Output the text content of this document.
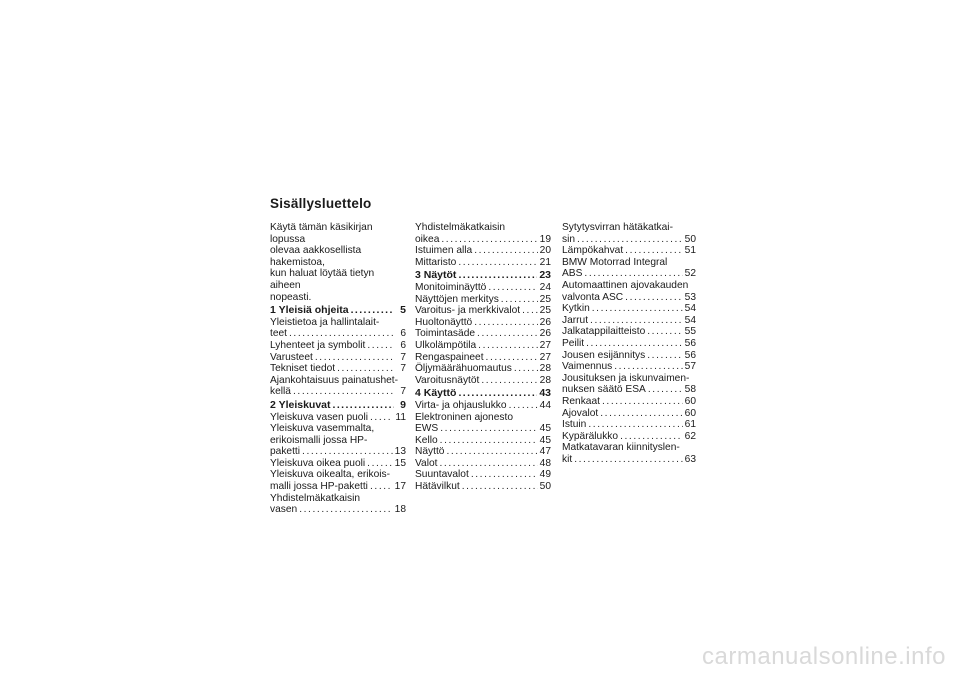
Sisällysluettelo
Käytä tämän käsikirjan lopussa
olevaa aakkosellista hakemistoa,
kun haluat löytää tietyn aiheen
nopeasti.
1 Yleisiä ohjeita .....	5
Yleistietoa ja hallintalait-
teet .....	6
Lyhenteet ja symbolit .....	6
Varusteet .....	7
Tekniset tiedot .....	7
Ajankohtaisuus painatushet-
kellä .....	7
2 Yleiskuvat .....	9
Yleiskuva vasen puoli .....	11
Yleiskuva vasemmalta,
erikoismalli jossa HP-
paketti .....	13
Yleiskuva oikea puoli .....	15
Yleiskuva oikealta, erikois-
malli jossa HP-paketti .....	17
Yhdistelmäkatkaisin
vasen .....	18
Yhdistelmäkatkaisin
oikea .....	19
Istuimen alla .....	20
Mittaristo .....	21
3 Näytöt .....	23
Monitoiminäyttö .....	24
Näyttöjen merkitys .....	25
Varoitus- ja merkkivalot ..... 25
Huoltonäyttö .....	26
Toimintasäde .....	26
Ulkolämpötila .....	27
Rengaspaineet .....	27
Öljymäärähuomautus .....	28
Varoitusnäytöt .....	28
4 Käyttö .....	43
Virta- ja ohjauslukko .....	44
Elektroninen ajonesto
EWS .....	45
Kello .....	45
Näyttö .....	47
Valot .....	48
Suuntavalot .....	49
Hätävilkut .....	50
Sytytysvirran hätäkatkai-
sin .....	50
Lämpökahvat .....	51
BMW Motorrad Integral
ABS .....	52
Automaattinen ajovakauden
valvonta ASC .....	53
Kytkin .....	54
Jarrut .....	54
Jalkatappilaitteisto .....	55
Peilit .....	56
Jousen esijännitys .....	56
Vaimennus .....	57
Jousituksen ja iskunvaimen-
nuksen säätö ESA .....	58
Renkaat .....	60
Ajovalot .....	60
Istuin .....	61
Kypärälukko .....	62
Matkatavaran kiinnityslen-
kit .....	63
carmanualsonline.info
